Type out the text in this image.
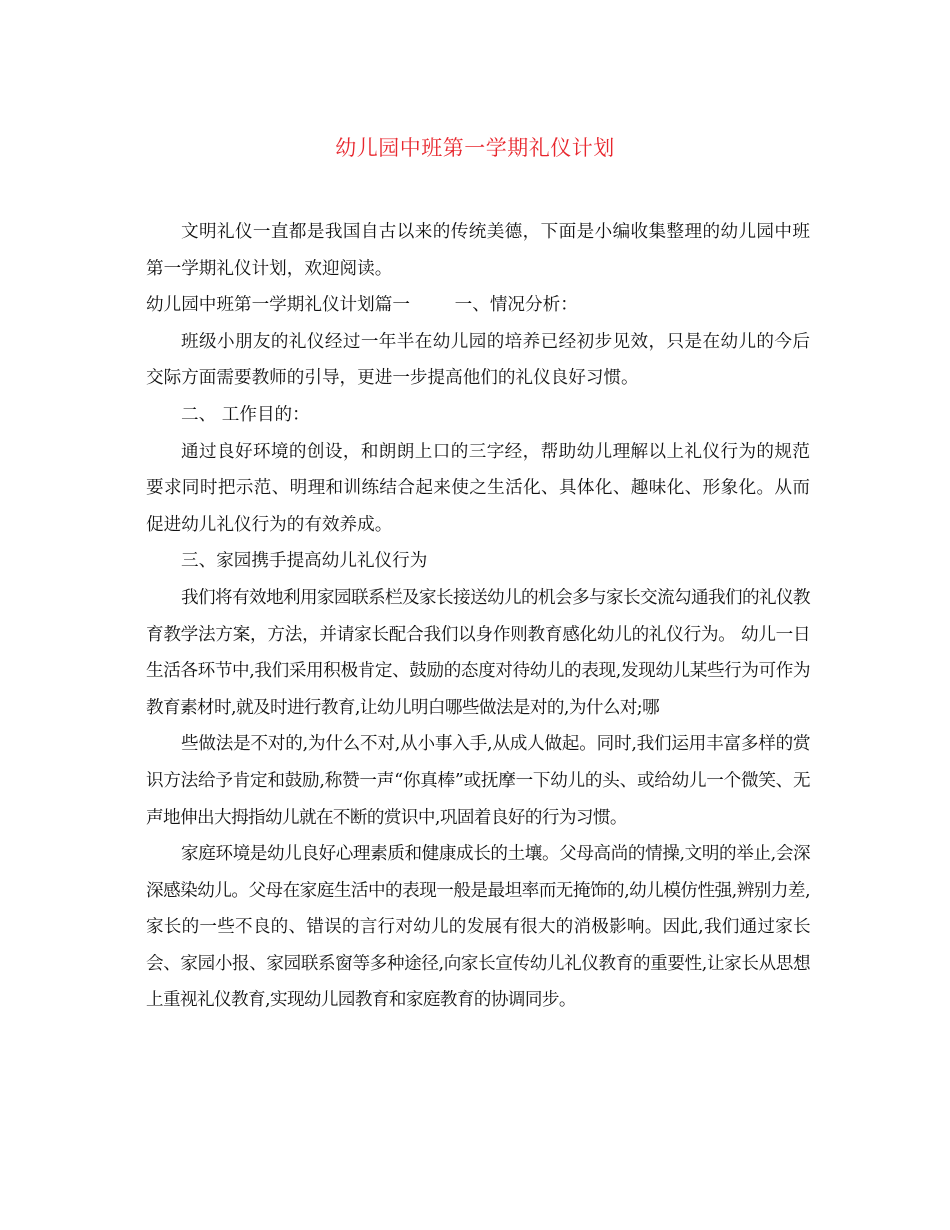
幼儿园中班第一学期礼仪计划

文明礼仪一直都是我国自古以来的传统美德，下面是小编收集整理的幼儿园中班第一学期礼仪计划，欢迎阅读。

幼儿园中班第一学期礼仪计划篇一        一、情况分析：

班级小朋友的礼仪经过一年半在幼儿园的培养已经初步见效，只是在幼儿的今后交际方面需要教师的引导，更进一步提高他们的礼仪良好习惯。

二、 工作目的：

通过良好环境的创设，和朗朗上口的三字经，帮助幼儿理解以上礼仪行为的规范要求同时把示范、明理和训练结合起来使之生活化、具体化、趣味化、形象化。从而促进幼儿礼仪行为的有效养成。

三、家园携手提高幼儿礼仪行为

我们将有效地利用家园联系栏及家长接送幼儿的机会多与家长交流勾通我们的礼仪教育教学法方案，方法，并请家长配合我们以身作则教育感化幼儿的礼仪行为。 幼儿一日生活各环节中,我们采用积极肯定、鼓励的态度对待幼儿的表现,发现幼儿某些行为可作为教育素材时,就及时进行教育,让幼儿明白哪些做法是对的,为什么对;哪

些做法是不对的,为什么不对,从小事入手,从成人做起。同时,我们运用丰富多样的赏识方法给予肯定和鼓励,称赞一声“你真棒”或抚摩一下幼儿的头、或给幼儿一个微笑、无声地伸出大拇指幼儿就在不断的赏识中,巩固着良好的行为习惯。

家庭环境是幼儿良好心理素质和健康成长的土壤。父母高尚的情操,文明的举止,会深深感染幼儿。父母在家庭生活中的表现一般是最坦率而无掩饰的,幼儿模仿性强,辨别力差,家长的一些不良的、错误的言行对幼儿的发展有很大的消极影响。因此,我们通过家长会、家园小报、家园联系窗等多种途径,向家长宣传幼儿礼仪教育的重要性,让家长从思想上重视礼仪教育,实现幼儿园教育和家庭教育的协调同步。
